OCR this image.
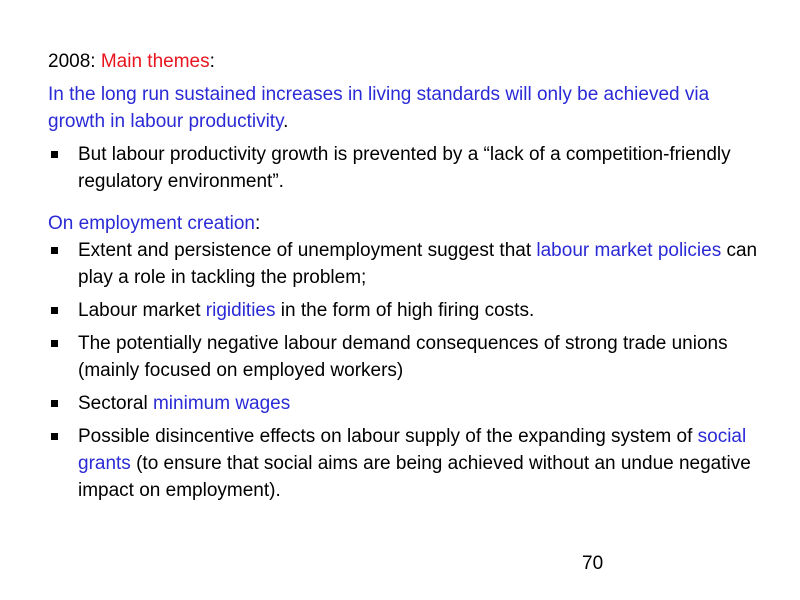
2008: Main themes:

In the long run sustained increases in living standards will only be achieved via growth in labour productivity.

But labour productivity growth is prevented by a “lack of a competition-friendly regulatory environment”.

On employment creation:

Extent and persistence of unemployment suggest that labour market policies can play a role in tackling the problem;
Labour market rigidities in the form of high firing costs.
The potentially negative labour demand consequences of strong trade unions (mainly focused on employed workers)
Sectoral minimum wages
Possible disincentive effects on labour supply of the expanding system of social grants (to ensure that social aims are being achieved without an undue negative impact on employment).
70
